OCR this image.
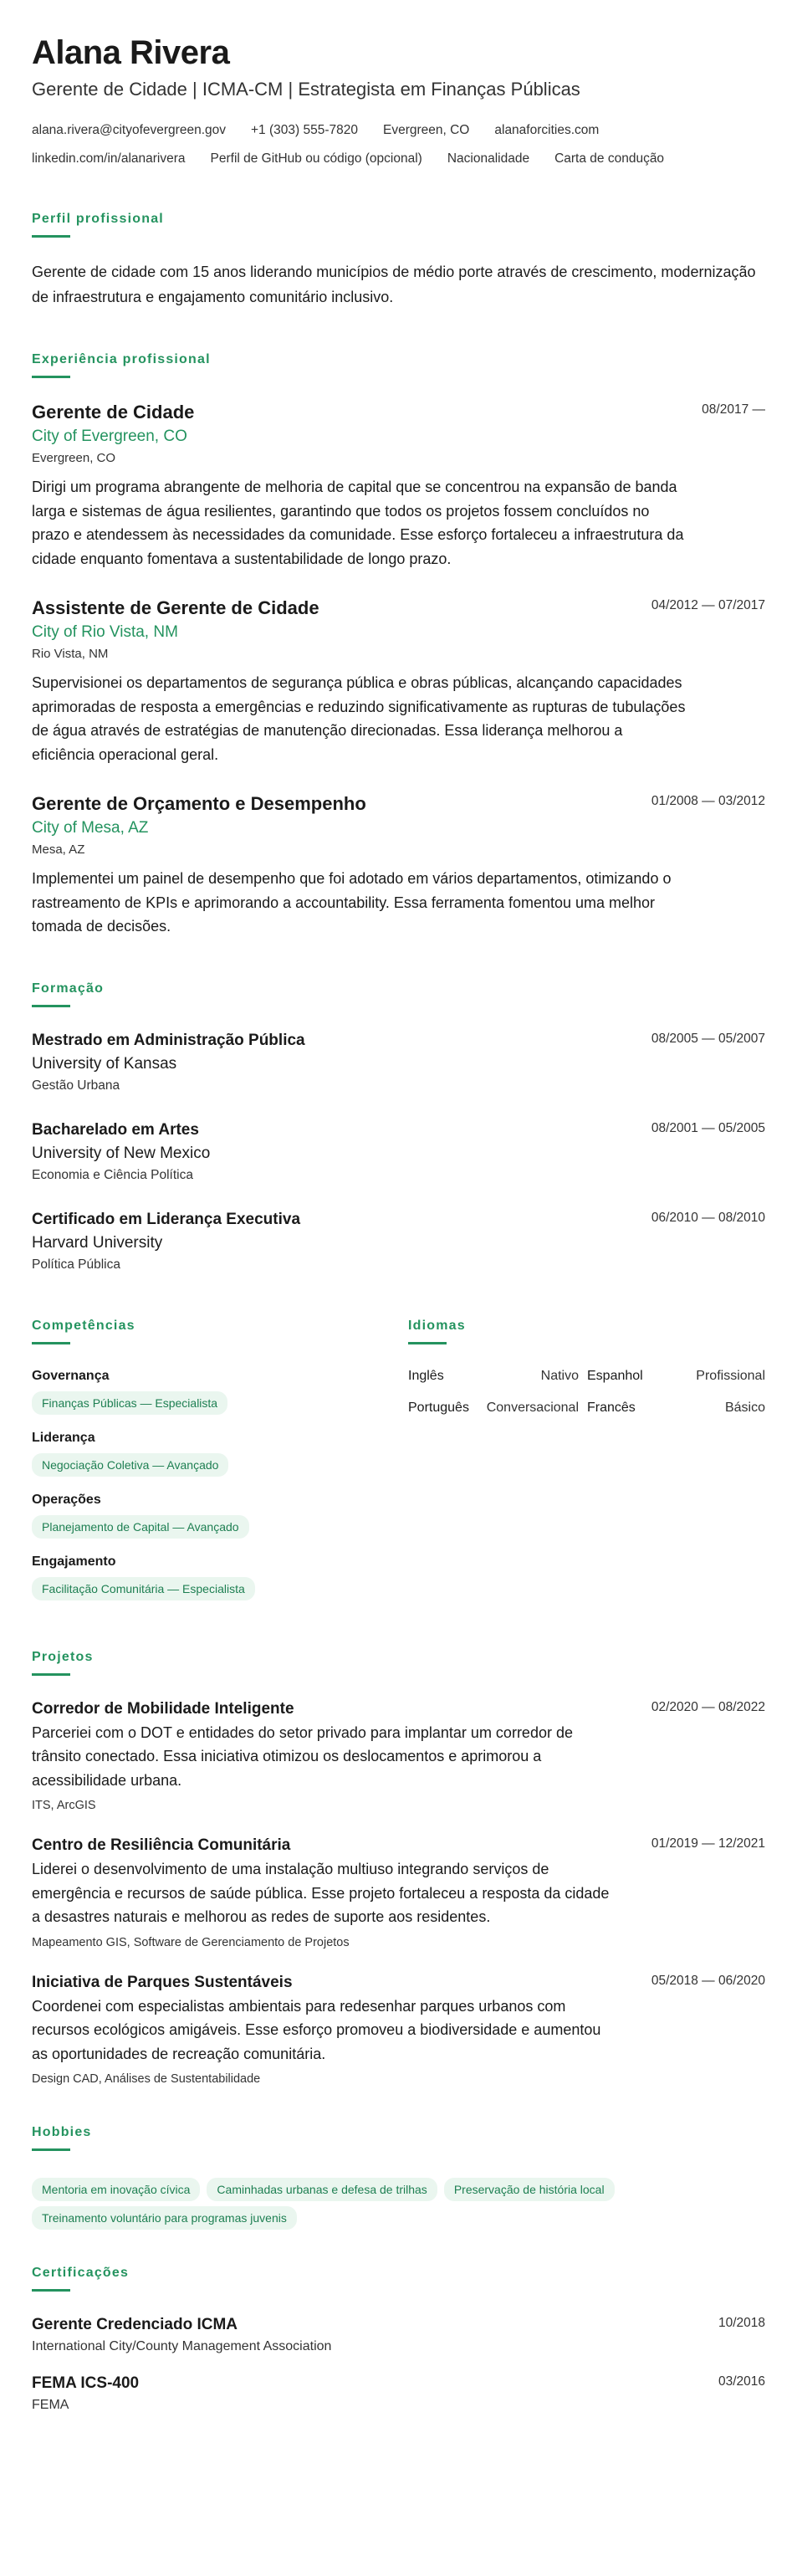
Alana Rivera
Gerente de Cidade | ICMA-CM | Estrategista em Finanças Públicas
alana.rivera@cityofevergreen.gov +1 (303) 555-7820 Evergreen, CO alanaforcities.com
linkedin.com/in/alanarivera Perfil de GitHub ou código (opcional) Nacionalidade Carta de condução
Perfil profissional
Gerente de cidade com 15 anos liderando municípios de médio porte através de crescimento, modernização de infraestrutura e engajamento comunitário inclusivo.
Experiência profissional
08/2017 —
Gerente de Cidade
City of Evergreen, CO
Evergreen, CO
Dirigi um programa abrangente de melhoria de capital que se concentrou na expansão de banda larga e sistemas de água resilientes, garantindo que todos os projetos fossem concluídos no prazo e atendessem às necessidades da comunidade. Esse esforço fortaleceu a infraestrutura da cidade enquanto fomentava a sustentabilidade de longo prazo.
04/2012 — 07/2017
Assistente de Gerente de Cidade
City of Rio Vista, NM
Rio Vista, NM
Supervisionei os departamentos de segurança pública e obras públicas, alcançando capacidades aprimoradas de resposta a emergências e reduzindo significativamente as rupturas de tubulações de água através de estratégias de manutenção direcionadas. Essa liderança melhorou a eficiência operacional geral.
01/2008 — 03/2012
Gerente de Orçamento e Desempenho
City of Mesa, AZ
Mesa, AZ
Implementei um painel de desempenho que foi adotado em vários departamentos, otimizando o rastreamento de KPIs e aprimorando a accountability. Essa ferramenta fomentou uma melhor tomada de decisões.
Formação
08/2005 — 05/2007
Mestrado em Administração Pública
University of Kansas
Gestão Urbana
08/2001 — 05/2005
Bacharelado em Artes
University of New Mexico
Economia e Ciência Política
06/2010 — 08/2010
Certificado em Liderança Executiva
Harvard University
Política Pública
Competências
Governança
Finanças Públicas — Especialista
Liderança
Negociação Coletiva — Avançado
Operações
Planejamento de Capital — Avançado
Engajamento
Facilitação Comunitária — Especialista
Idiomas
Inglês	Nativo Espanhol	Profissional
Português	Conversacional Francês	Básico
Projetos
02/2020 — 08/2022
Corredor de Mobilidade Inteligente
Parceriei com o DOT e entidades do setor privado para implantar um corredor de trânsito conectado. Essa iniciativa otimizou os deslocamentos e aprimorou a acessibilidade urbana.
ITS, ArcGIS
01/2019 — 12/2021
Centro de Resiliência Comunitária
Liderei o desenvolvimento de uma instalação multiuso integrando serviços de emergência e recursos de saúde pública. Esse projeto fortaleceu a resposta da cidade a desastres naturais e melhorou as redes de suporte aos residentes.
Mapeamento GIS, Software de Gerenciamento de Projetos
05/2018 — 06/2020
Iniciativa de Parques Sustentáveis
Coordenei com especialistas ambientais para redesenhar parques urbanos com recursos ecológicos amigáveis. Esse esforço promoveu a biodiversidade e aumentou as oportunidades de recreação comunitária.
Design CAD, Análises de Sustentabilidade
Hobbies
Mentoria em inovação cívica	Caminhadas urbanas e defesa de trilhas	Preservação de história local
Treinamento voluntário para programas juvenis
Certificações
10/2018
Gerente Credenciado ICMA
International City/County Management Association
03/2016
FEMA ICS-400
FEMA
